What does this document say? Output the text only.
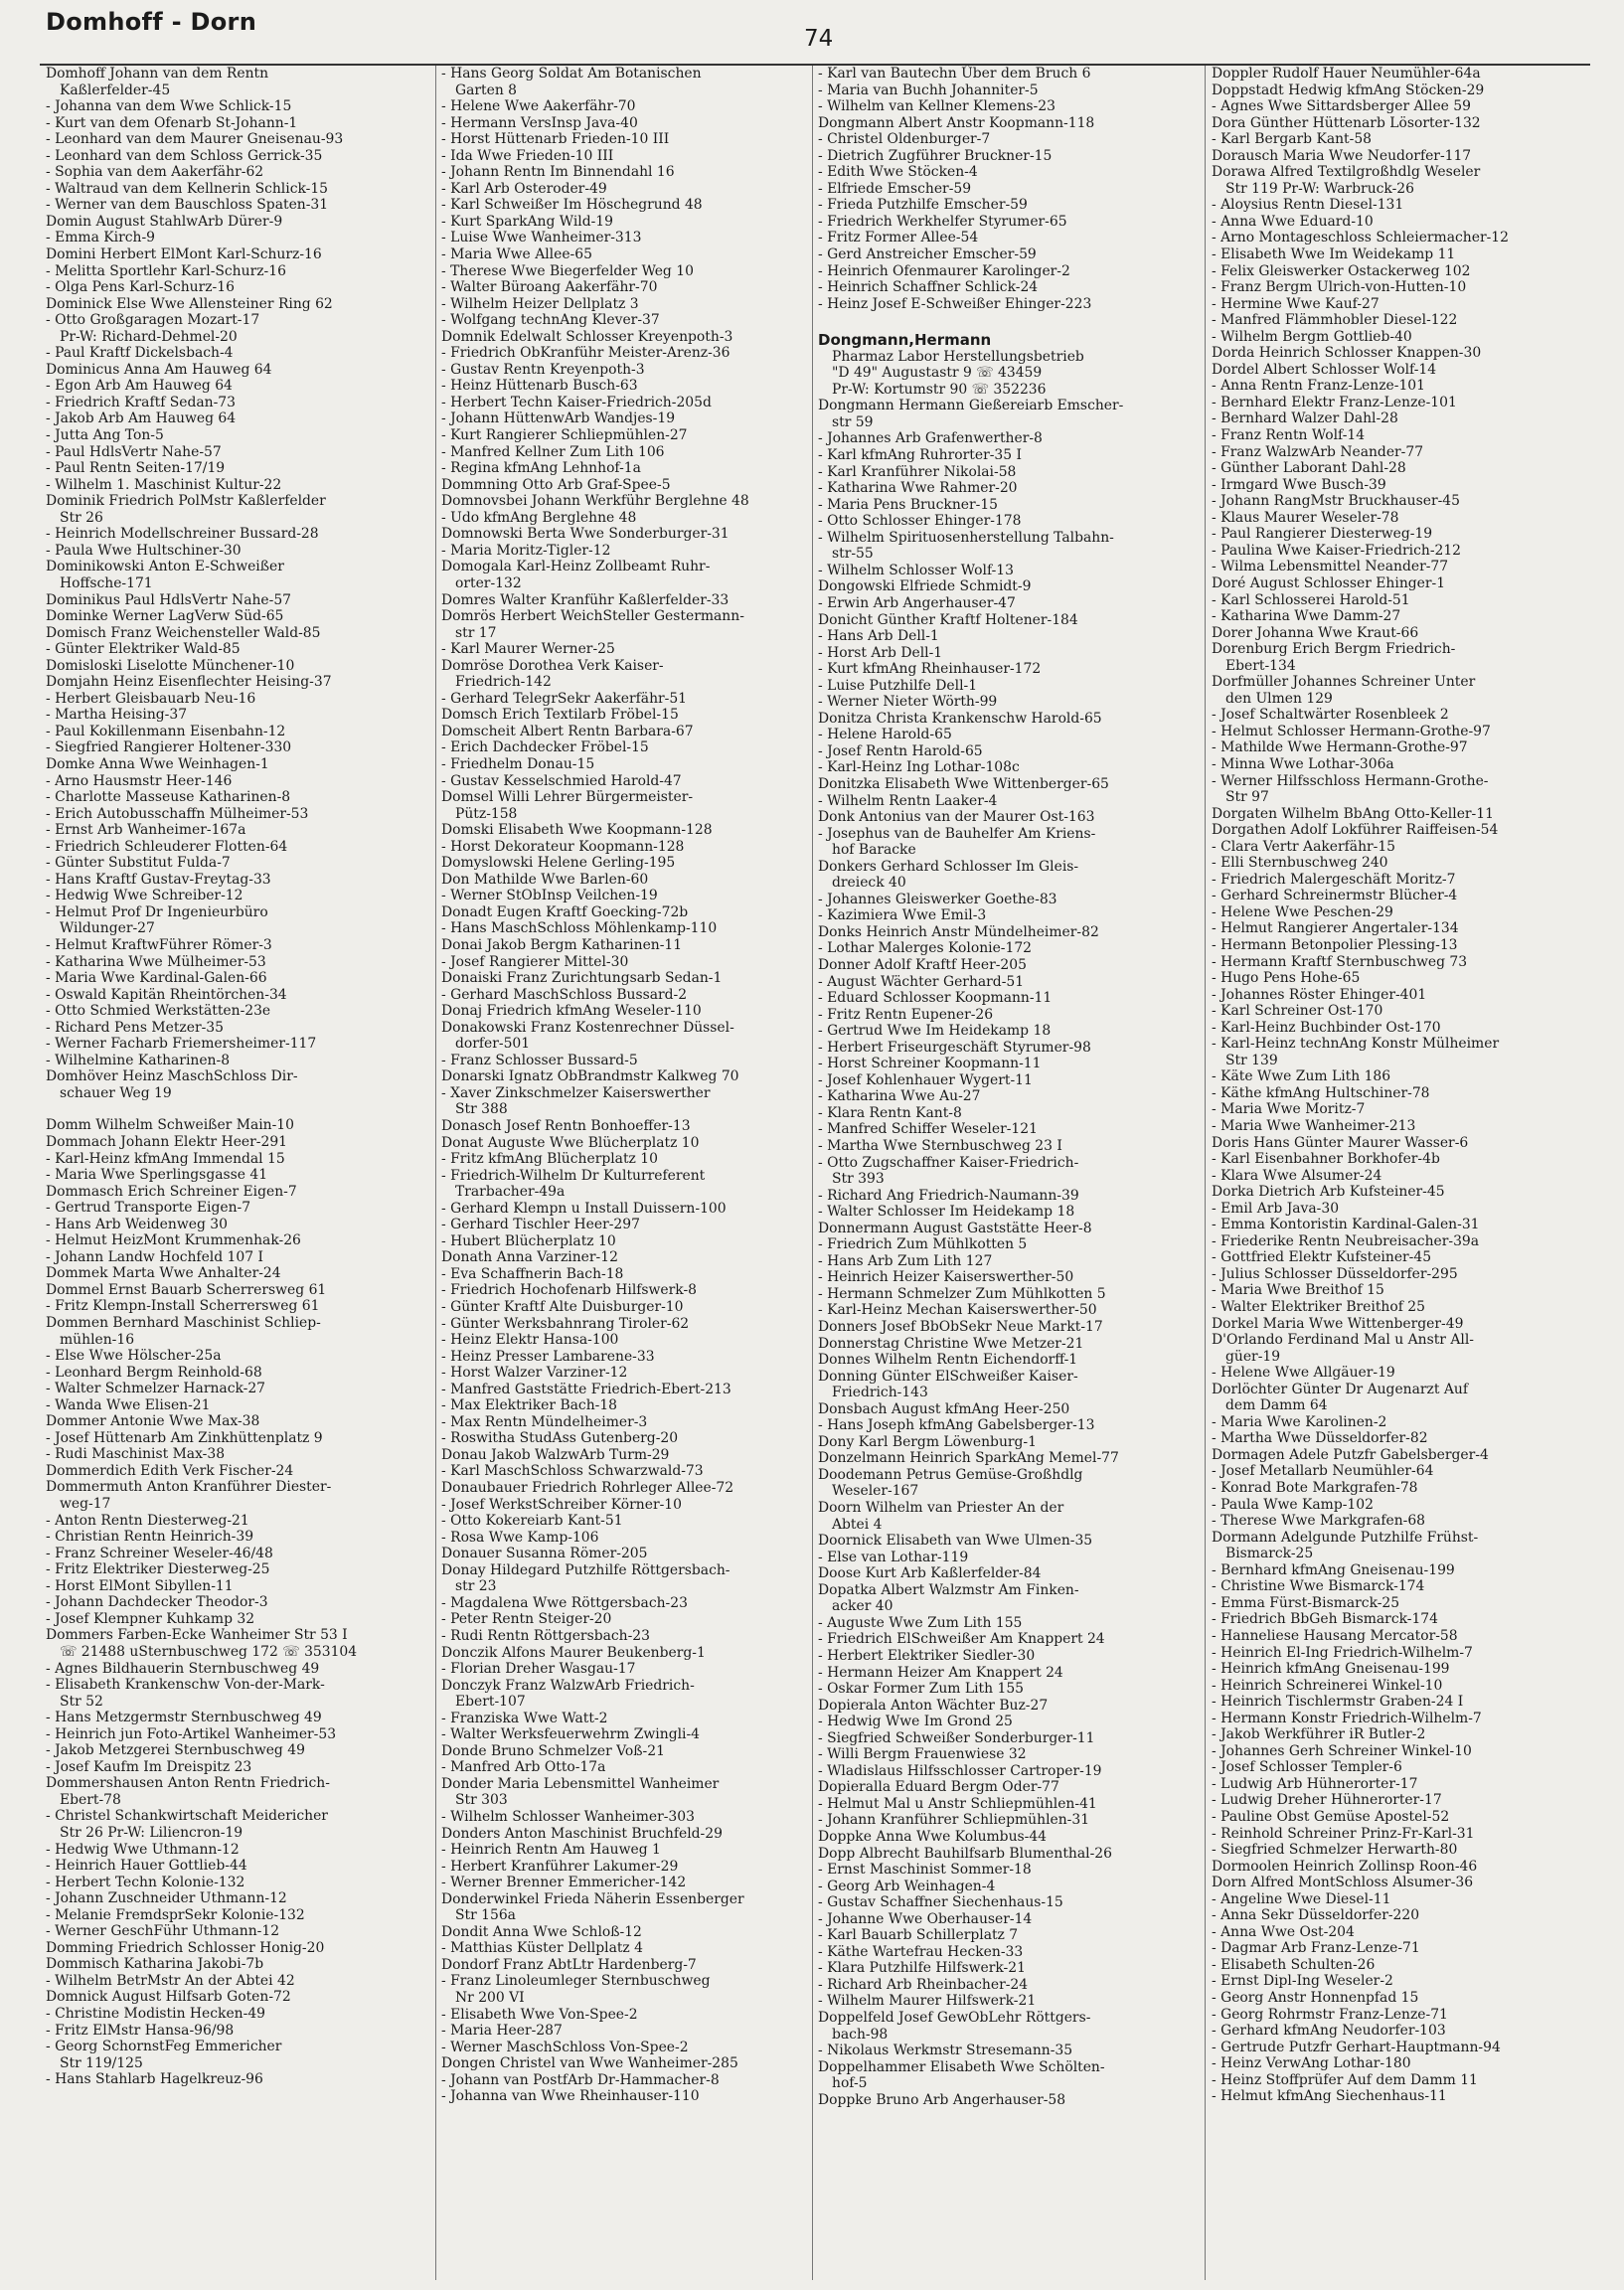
Domhoff - Dorn
74
Domhoff Johann van dem Rentn
Kaßlerfelder-45
- Johanna van dem Wwe Schlick-15
- Kurt van dem Ofenarb St-Johann-1
- Leonhard van dem Maurer Gneisenau-93
- Leonhard van dem Schloss Gerrick-35
- Sophia van dem Aakerfähr-62
- Waltraud van dem Kellnerin Schlick-15
- Werner van dem Bauschloss Spaten-31
Domin August StahlwArb Dürer-9
- Emma Kirch-9
Domini Herbert ElMont Karl-Schurz-16
- Melitta Sportlehr Karl-Schurz-16
- Olga Pens Karl-Schurz-16
Dominick Else Wwe Allensteiner Ring 62
- Otto Großgaragen Mozart-17
Pr-W: Richard-Dehmel-20
- Paul Kraftf Dickelsbach-4
Dominicus Anna Am Hauweg 64
- Egon Arb Am Hauweg 64
- Friedrich Kraftf Sedan-73
- Jakob Arb Am Hauweg 64
- Jutta Ang Ton-5
- Paul HdlsVertr Nahe-57
- Paul Rentn Seiten-17/19
- Wilhelm 1. Maschinist Kultur-22
Dominik Friedrich PolMstr Kaßlerfelder
Str 26
- Heinrich Modellschreiner Bussard-28
- Paula Wwe Hultschiner-30
Dominikowski Anton E-Schweißer
Hoffsche-171
Dominikus Paul HdlsVertr Nahe-57
Dominke Werner LagVerw Süd-65
Domisch Franz Weichensteller Wald-85
- Günter Elektriker Wald-85
Domisloski Liselotte Münchener-10
Domjahn Heinz Eisenflechter Heising-37
- Herbert Gleisbauarb Neu-16
- Martha Heising-37
- Paul Kokillenmann Eisenbahn-12
- Siegfried Rangierer Holtener-330
Domke Anna Wwe Weinhagen-1
- Arno Hausmstr Heer-146
- Charlotte Masseuse Katharinen-8
- Erich Autobusschaffn Mülheimer-53
- Ernst Arb Wanheimer-167a
- Friedrich Schleuderer Flotten-64
- Günter Substitut Fulda-7
- Hans Kraftf Gustav-Freytag-33
- Hedwig Wwe Schreiber-12
- Helmut Prof Dr Ingenieurbüro
Wildunger-27
- Helmut KraftwFührer Römer-3
- Katharina Wwe Mülheimer-53
- Maria Wwe Kardinal-Galen-66
- Oswald Kapitän Rheintörchen-34
- Otto Schmied Werkstätten-23e
- Richard Pens Metzer-35
- Werner Facharb Friemersheimer-117
- Wilhelmine Katharinen-8
Domhöver Heinz MaschSchloss Dir-
schauer Weg 19
Domm Wilhelm Schweißer Main-10
Dommach Johann Elektr Heer-291
- Karl-Heinz kfmAng Immendal 15
- Maria Wwe Sperlingsgasse 41
Dommasch Erich Schreiner Eigen-7
- Gertrud Transporte Eigen-7
- Hans Arb Weidenweg 30
- Helmut HeizMont Krummenhak-26
- Johann Landw Hochfeld 107 I
Dommek Marta Wwe Anhalter-24
Dommel Ernst Bauarb Scherrersweg 61
- Fritz Klempn-Install Scherrersweg 61
Dommen Bernhard Maschinist Schliep-
mühlen-16
- Else Wwe Hölscher-25a
- Leonhard Bergm Reinhold-68
- Walter Schmelzer Harnack-27
- Wanda Wwe Elisen-21
Dommer Antonie Wwe Max-38
- Josef Hüttenarb Am Zinkhüttenplatz 9
- Rudi Maschinist Max-38
Dommerdich Edith Verk Fischer-24
Dommermuth Anton Kranführer Diester-
weg-17
- Anton Rentn Diesterweg-21
- Christian Rentn Heinrich-39
- Franz Schreiner Weseler-46/48
- Fritz Elektriker Diesterweg-25
- Horst ElMont Sibyllen-11
- Johann Dachdecker Theodor-3
- Josef Klempner Kuhkamp 32
Dommers Farben-Ecke Wanheimer Str 53 I
☏ 21488 uSternbuschweg 172 ☏ 353104
- Agnes Bildhauerin Sternbuschweg 49
- Elisabeth Krankenschw Von-der-Mark-
Str 52
- Hans Metzgermstr Sternbuschweg 49
- Heinrich jun Foto-Artikel Wanheimer-53
- Jakob Metzgerei Sternbuschweg 49
- Josef Kaufm Im Dreispitz 23
Dommershausen Anton Rentn Friedrich-
Ebert-78
- Christel Schankwirtschaft Meidericher
Str 26 Pr-W: Liliencron-19
- Hedwig Wwe Uthmann-12
- Heinrich Hauer Gottlieb-44
- Herbert Techn Kolonie-132
- Johann Zuschneider Uthmann-12
- Melanie FremdsprSekr Kolonie-132
- Werner GeschFühr Uthmann-12
Domming Friedrich Schlosser Honig-20
Dommisch Katharina Jakobi-7b
- Wilhelm BetrMstr An der Abtei 42
Domnick August Hilfsarb Goten-72
- Christine Modistin Hecken-49
- Fritz ElMstr Hansa-96/98
- Georg SchornstFeg Emmericher
Str 119/125
- Hans Stahlarb Hagelkreuz-96
- Hans Georg Soldat Am Botanischen
Garten 8
- Helene Wwe Aakerfähr-70
- Hermann VersInsp Java-40
- Horst Hüttenarb Frieden-10 III
- Ida Wwe Frieden-10 III
- Johann Rentn Im Binnendahl 16
- Karl Arb Osteroder-49
- Karl Schweißer Im Höschegrund 48
- Kurt SparkAng Wild-19
- Luise Wwe Wanheimer-313
- Maria Wwe Allee-65
- Therese Wwe Biegerfelder Weg 10
- Walter Büroang Aakerfähr-70
- Wilhelm Heizer Dellplatz 3
- Wolfgang technAng Klever-37
Domnik Edelwalt Schlosser Kreyenpoth-3
- Friedrich ObKranführ Meister-Arenz-36
- Gustav Rentn Kreyenpoth-3
- Heinz Hüttenarb Busch-63
- Herbert Techn Kaiser-Friedrich-205d
- Johann HüttenwArb Wandjes-19
- Kurt Rangierer Schliepmühlen-27
- Manfred Kellner Zum Lith 106
- Regina kfmAng Lehnhof-1a
Dommning Otto Arb Graf-Spee-5
Domnovsbei Johann Werkführ Berglehne 48
- Udo kfmAng Berglehne 48
Domnowski Berta Wwe Sonderburger-31
- Maria Moritz-Tigler-12
Domogala Karl-Heinz Zollbeamt Ruhr-
orter-132
Domres Walter Kranführ Kaßlerfelder-33
Domrös Herbert WeichSteller Gestermann-
str 17
- Karl Maurer Werner-25
Domröse Dorothea Verk Kaiser-
Friedrich-142
- Gerhard TelegrSekr Aakerfähr-51
Domsch Erich Textilarb Fröbel-15
Domscheit Albert Rentn Barbara-67
- Erich Dachdecker Fröbel-15
- Friedhelm Donau-15
- Gustav Kesselschmied Harold-47
Domsel Willi Lehrer Bürgermeister-
Pütz-158
Domski Elisabeth Wwe Koopmann-128
- Horst Dekorateur Koopmann-128
Domyslowski Helene Gerling-195
Don Mathilde Wwe Barlen-60
- Werner StObInsp Veilchen-19
Donadt Eugen Kraftf Goecking-72b
- Hans MaschSchloss Möhlenkamp-110
Donai Jakob Bergm Katharinen-11
- Josef Rangierer Mittel-30
Donaiski Franz Zurichtungsarb Sedan-1
- Gerhard MaschSchloss Bussard-2
Donaj Friedrich kfmAng Weseler-110
Donakowski Franz Kostenrechner Düssel-
dorfer-501
- Franz Schlosser Bussard-5
Donarski Ignatz ObBrandmstr Kalkweg 70
- Xaver Zinkschmelzer Kaiserswerther
Str 388
Donasch Josef Rentn Bonhoeffer-13
Donat Auguste Wwe Blücherplatz 10
- Fritz kfmAng Blücherplatz 10
- Friedrich-Wilhelm Dr Kulturreferent
Trarbacher-49a
- Gerhard Klempn u Install Duissern-100
- Gerhard Tischler Heer-297
- Hubert Blücherplatz 10
Donath Anna Varziner-12
- Eva Schaffnerin Bach-18
- Friedrich Hochofenarb Hilfswerk-8
- Günter Kraftf Alte Duisburger-10
- Günter Werksbahnrang Tiroler-62
- Heinz Elektr Hansa-100
- Heinz Presser Lambarene-33
- Horst Walzer Varziner-12
- Manfred Gaststätte Friedrich-Ebert-213
- Max Elektriker Bach-18
- Max Rentn Mündelheimer-3
- Roswitha StudAss Gutenberg-20
Donau Jakob WalzwArb Turm-29
- Karl MaschSchloss Schwarzwald-73
Donaubauer Friedrich Rohrleger Allee-72
- Josef WerkstSchreiber Körner-10
- Otto Kokereiarb Kant-51
- Rosa Wwe Kamp-106
Donauer Susanna Römer-205
Donay Hildegard Putzhilfe Röttgersbach-
str 23
- Magdalena Wwe Röttgersbach-23
- Peter Rentn Steiger-20
- Rudi Rentn Röttgersbach-23
Donczik Alfons Maurer Beukenberg-1
- Florian Dreher Wasgau-17
Donczyk Franz WalzwArb Friedrich-
Ebert-107
- Franziska Wwe Watt-2
- Walter Werksfeuerwehrm Zwingli-4
Donde Bruno Schmelzer Voß-21
- Manfred Arb Otto-17a
Donder Maria Lebensmittel Wanheimer
Str 303
- Wilhelm Schlosser Wanheimer-303
Donders Anton Maschinist Bruchfeld-29
- Heinrich Rentn Am Hauweg 1
- Herbert Kranführer Lakumer-29
- Werner Brenner Emmericher-142
Donderwinkel Frieda Näherin Essenberger
Str 156a
Dondit Anna Wwe Schloß-12
- Matthias Küster Dellplatz 4
Dondorf Franz AbtLtr Hardenberg-7
- Franz Linoleumleger Sternbuschweg
Nr 200 VI
- Elisabeth Wwe Von-Spee-2
- Maria Heer-287
- Werner MaschSchloss Von-Spee-2
Dongen Christel van Wwe Wanheimer-285
- Johann van PostfArb Dr-Hammacher-8
- Johanna van Wwe Rheinhauser-110
- Karl van Bautechn Über dem Bruch 6
- Maria van Buchh Johanniter-5
- Wilhelm van Kellner Klemens-23
Dongmann Albert Anstr Koopmann-118
- Christel Oldenburger-7
- Dietrich Zugführer Bruckner-15
- Edith Wwe Stöcken-4
- Elfriede Emscher-59
- Frieda Putzhilfe Emscher-59
- Friedrich Werkhelfer Styrumer-65
- Fritz Former Allee-54
- Gerd Anstreicher Emscher-59
- Heinrich Ofenmaurer Karolinger-2
- Heinrich Schaffner Schlick-24
- Heinz Josef E-Schweißer Ehinger-223
Dongmann,Hermann
Pharmaz Labor Herstellungsbetrieb
"D 49" Augustastr 9 ☏ 43459
Pr-W: Kortumstr 90 ☏ 352236
Dongmann Hermann Gießereiarb Emscher-
str 59
- Johannes Arb Grafenwerther-8
- Karl kfmAng Ruhrorter-35 I
- Karl Kranführer Nikolai-58
- Katharina Wwe Rahmer-20
- Maria Pens Bruckner-15
- Otto Schlosser Ehinger-178
- Wilhelm Spirituosenherstellung Talbahn-
str-55
- Wilhelm Schlosser Wolf-13
Dongowski Elfriede Schmidt-9
- Erwin Arb Angerhauser-47
Donicht Günther Kraftf Holtener-184
- Hans Arb Dell-1
- Horst Arb Dell-1
- Kurt kfmAng Rheinhauser-172
- Luise Putzhilfe Dell-1
- Werner Nieter Wörth-99
Donitza Christa Krankenschw Harold-65
- Helene Harold-65
- Josef Rentn Harold-65
- Karl-Heinz Ing Lothar-108c
Donitzka Elisabeth Wwe Wittenberger-65
- Wilhelm Rentn Laaker-4
Donk Antonius van der Maurer Ost-163
- Josephus van de Bauhelfer Am Kriens-
hof Baracke
Donkers Gerhard Schlosser Im Gleis-
dreieck 40
- Johannes Gleiswerker Goethe-83
- Kazimiera Wwe Emil-3
Donks Heinrich Anstr Mündelheimer-82
- Lothar Malerges Kolonie-172
Donner Adolf Kraftf Heer-205
- August Wächter Gerhard-51
- Eduard Schlosser Koopmann-11
- Fritz Rentn Eupener-26
- Gertrud Wwe Im Heidekamp 18
- Herbert Friseurgeschäft Styrumer-98
- Horst Schreiner Koopmann-11
- Josef Kohlenhauer Wygert-11
- Katharina Wwe Au-27
- Klara Rentn Kant-8
- Manfred Schiffer Weseler-121
- Martha Wwe Sternbuschweg 23 I
- Otto Zugschaffner Kaiser-Friedrich-
Str 393
- Richard Ang Friedrich-Naumann-39
- Walter Schlosser Im Heidekamp 18
Donnermann August Gaststätte Heer-8
- Friedrich Zum Mühlkotten 5
- Hans Arb Zum Lith 127
- Heinrich Heizer Kaiserswerther-50
- Hermann Schmelzer Zum Mühlkotten 5
- Karl-Heinz Mechan Kaiserswerther-50
Donners Josef BbObSekr Neue Markt-17
Donnerstag Christine Wwe Metzer-21
Donnes Wilhelm Rentn Eichendorff-1
Donning Günter ElSchweißer Kaiser-
Friedrich-143
Donsbach August kfmAng Heer-250
- Hans Joseph kfmAng Gabelsberger-13
Dony Karl Bergm Löwenburg-1
Donzelmann Heinrich SparkAng Memel-77
Doodemann Petrus Gemüse-Großhdlg
Weseler-167
Doorn Wilhelm van Priester An der
Abtei 4
Doornick Elisabeth van Wwe Ulmen-35
- Else van Lothar-119
Doose Kurt Arb Kaßlerfelder-84
Dopatka Albert Walzmstr Am Finken-
acker 40
- Auguste Wwe Zum Lith 155
- Friedrich ElSchweißer Am Knappert 24
- Herbert Elektriker Siedler-30
- Hermann Heizer Am Knappert 24
- Oskar Former Zum Lith 155
Dopierala Anton Wächter Buz-27
- Hedwig Wwe Im Grond 25
- Siegfried Schweißer Sonderburger-11
- Willi Bergm Frauenwiese 32
- Wladislaus Hilfsschlosser Cartroper-19
Dopieralla Eduard Bergm Oder-77
- Helmut Mal u Anstr Schliepmühlen-41
- Johann Kranführer Schliepmühlen-31
Doppke Anna Wwe Kolumbus-44
Dopp Albrecht Bauhilfsarb Blumenthal-26
- Ernst Maschinist Sommer-18
- Georg Arb Weinhagen-4
- Gustav Schaffner Siechenhaus-15
- Johanne Wwe Oberhauser-14
- Karl Bauarb Schillerplatz 7
- Käthe Wartefrau Hecken-33
- Klara Putzhilfe Hilfswerk-21
- Richard Arb Rheinbacher-24
- Wilhelm Maurer Hilfswerk-21
Doppelfeld Josef GewObLehr Röttgers-
bach-98
- Nikolaus Werkmstr Stresemann-35
Doppelhammer Elisabeth Wwe Schölten-
hof-5
Doppke Bruno Arb Angerhauser-58
Doppler Rudolf Hauer Neumühler-64a
Doppstadt Hedwig kfmAng Stöcken-29
- Agnes Wwe Sittardsberger Allee 59
Dora Günther Hüttenarb Lösorter-132
- Karl Bergarb Kant-58
Dorausch Maria Wwe Neudorfer-117
Dorawa Alfred Textilgroßhdlg Weseler
Str 119 Pr-W: Warbruck-26
- Aloysius Rentn Diesel-131
- Anna Wwe Eduard-10
- Arno Montageschloss Schleiermacher-12
- Elisabeth Wwe Im Weidekamp 11
- Felix Gleiswerker Ostackerweg 102
- Franz Bergm Ulrich-von-Hutten-10
- Hermine Wwe Kauf-27
- Manfred Flämmhobler Diesel-122
- Wilhelm Bergm Gottlieb-40
Dorda Heinrich Schlosser Knappen-30
Dordel Albert Schlosser Wolf-14
- Anna Rentn Franz-Lenze-101
- Bernhard Elektr Franz-Lenze-101
- Bernhard Walzer Dahl-28
- Franz Rentn Wolf-14
- Franz WalzwArb Neander-77
- Günther Laborant Dahl-28
- Irmgard Wwe Busch-39
- Johann RangMstr Bruckhauser-45
- Klaus Maurer Weseler-78
- Paul Rangierer Diesterweg-19
- Paulina Wwe Kaiser-Friedrich-212
- Wilma Lebensmittel Neander-77
Doré August Schlosser Ehinger-1
- Karl Schlosserei Harold-51
- Katharina Wwe Damm-27
Dorer Johanna Wwe Kraut-66
Dorenburg Erich Bergm Friedrich-
Ebert-134
Dorfmüller Johannes Schreiner Unter
den Ulmen 129
- Josef Schaltwärter Rosenbleek 2
- Helmut Schlosser Hermann-Grothe-97
- Mathilde Wwe Hermann-Grothe-97
- Minna Wwe Lothar-306a
- Werner Hilfsschloss Hermann-Grothe-
Str 97
Dorgaten Wilhelm BbAng Otto-Keller-11
Dorgathen Adolf Lokführer Raiffeisen-54
- Clara Vertr Aakerfähr-15
- Elli Sternbuschweg 240
- Friedrich Malergeschäft Moritz-7
- Gerhard Schreinermstr Blücher-4
- Helene Wwe Peschen-29
- Helmut Rangierer Angertaler-134
- Hermann Betonpolier Plessing-13
- Hermann Kraftf Sternbuschweg 73
- Hugo Pens Hohe-65
- Johannes Röster Ehinger-401
- Karl Schreiner Ost-170
- Karl-Heinz Buchbinder Ost-170
- Karl-Heinz technAng Konstr Mülheimer
Str 139
- Käte Wwe Zum Lith 186
- Käthe kfmAng Hultschiner-78
- Maria Wwe Moritz-7
- Maria Wwe Wanheimer-213
Doris Hans Günter Maurer Wasser-6
- Karl Eisenbahner Borkhofer-4b
- Klara Wwe Alsumer-24
Dorka Dietrich Arb Kufsteiner-45
- Emil Arb Java-30
- Emma Kontoristin Kardinal-Galen-31
- Friederike Rentn Neubreisacher-39a
- Gottfried Elektr Kufsteiner-45
- Julius Schlosser Düsseldorfer-295
- Maria Wwe Breithof 15
- Walter Elektriker Breithof 25
Dorkel Maria Wwe Wittenberger-49
D'Orlando Ferdinand Mal u Anstr All-
güer-19
- Helene Wwe Allgäuer-19
Dorlöchter Günter Dr Augenarzt Auf
dem Damm 64
- Maria Wwe Karolinen-2
- Martha Wwe Düsseldorfer-82
Dormagen Adele Putzfr Gabelsberger-4
- Josef Metallarb Neumühler-64
- Konrad Bote Markgrafen-78
- Paula Wwe Kamp-102
- Therese Wwe Markgrafen-68
Dormann Adelgunde Putzhilfe Frühst-
Bismarck-25
- Bernhard kfmAng Gneisenau-199
- Christine Wwe Bismarck-174
- Emma Fürst-Bismarck-25
- Friedrich BbGeh Bismarck-174
- Hanneliese Hausang Mercator-58
- Heinrich El-Ing Friedrich-Wilhelm-7
- Heinrich kfmAng Gneisenau-199
- Heinrich Schreinerei Winkel-10
- Heinrich Tischlermstr Graben-24 I
- Hermann Konstr Friedrich-Wilhelm-7
- Jakob Werkführer iR Butler-2
- Johannes Gerh Schreiner Winkel-10
- Josef Schlosser Templer-6
- Ludwig Arb Hühnerorter-17
- Ludwig Dreher Hühnerorter-17
- Pauline Obst Gemüse Apostel-52
- Reinhold Schreiner Prinz-Fr-Karl-31
- Siegfried Schmelzer Herwarth-80
Dormoolen Heinrich Zollinsp Roon-46
Dorn Alfred MontSchloss Alsumer-36
- Angeline Wwe Diesel-11
- Anna Sekr Düsseldorfer-220
- Anna Wwe Ost-204
- Dagmar Arb Franz-Lenze-71
- Elisabeth Schulten-26
- Ernst Dipl-Ing Weseler-2
- Georg Anstr Honnenpfad 15
- Georg Rohrmstr Franz-Lenze-71
- Gerhard kfmAng Neudorfer-103
- Gertrude Putzfr Gerhart-Hauptmann-94
- Heinz VerwAng Lothar-180
- Heinz Stoffprüfer Auf dem Damm 11
- Helmut kfmAng Siechenhaus-11
